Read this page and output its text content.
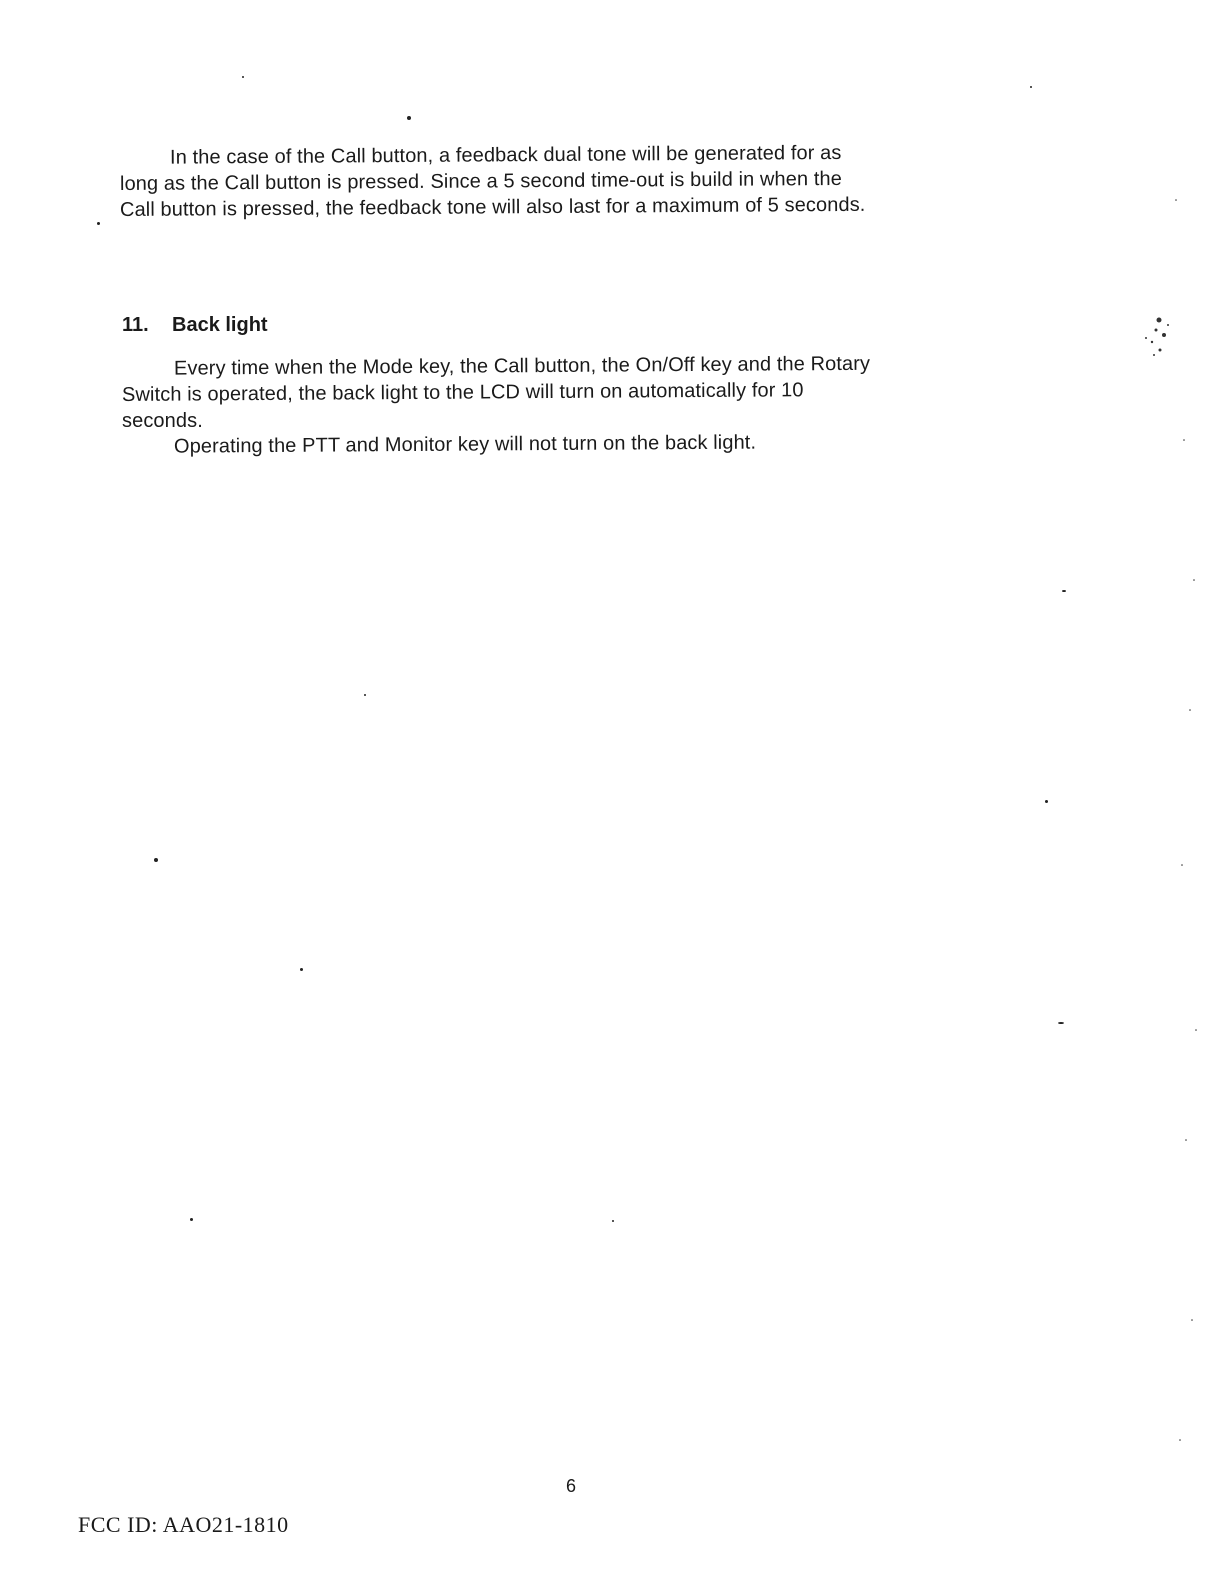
In the case of the Call button, a feedback dual tone will be generated for as
long as the Call button is pressed. Since a 5 second time-out is build in when the
Call button is pressed, the feedback tone will also last for a maximum of 5 seconds.
11. Back light
Every time when the Mode key, the Call button, the On/Off key and the Rotary
Switch is operated, the back light to the LCD will turn on automatically for 10
seconds.
Operating the PTT and Monitor key will not turn on the back light.
6
FCC ID: AAO21-1810
